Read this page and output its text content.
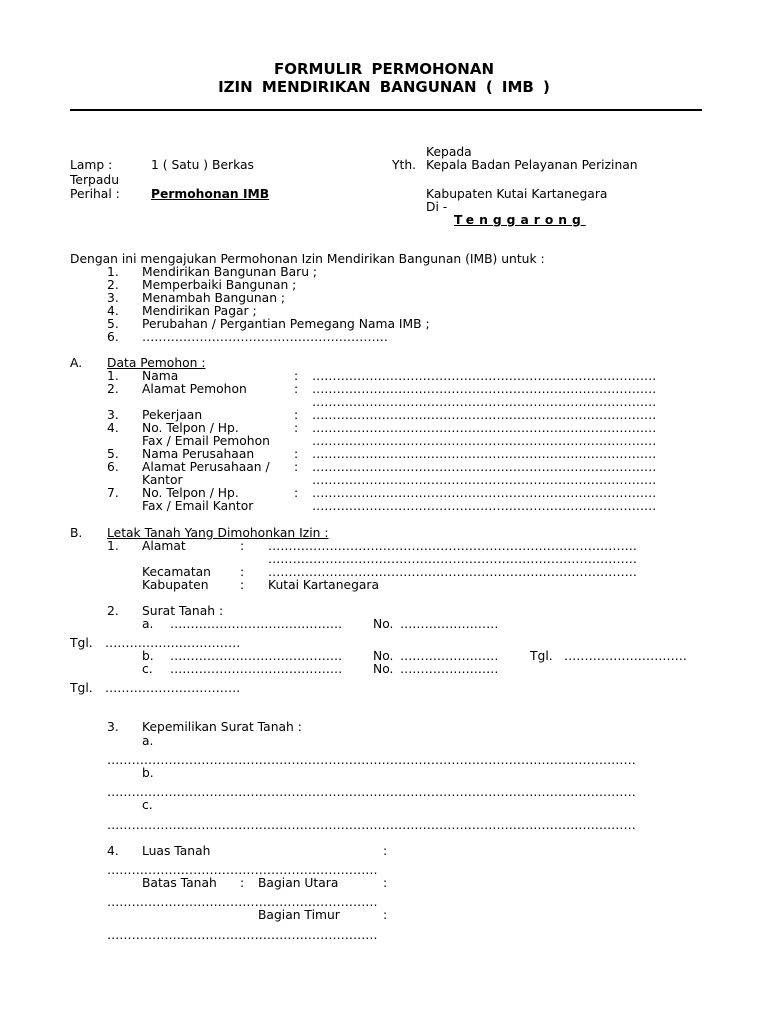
FORMULIR PERMOHONAN
IZIN MENDIRIKAN BANGUNAN ( IMB )
Kepada
Lamp :	1 ( Satu ) Berkas	Yth. Kepala Badan Pelayanan Perizinan
Terpadu
Perihal :	Permohonan IMB	Kabupaten Kutai Kartanegara
Di -
Tenggarong
Dengan ini mengajukan Permohonan Izin Mendirikan Bangunan (IMB) untuk :
1. Mendirikan Bangunan Baru ;
2. Memperbaiki Bangunan ;
3. Menambah Bangunan ;
4. Mendirikan Pagar ;
5. Perubahan / Pergantian Pemegang Nama IMB ;
6. ……………………………………………………
A. Data Pemohon :
1. Nama	: …………………………………………………………………………
2. Alamat Pemohon	: …………………………………………………………………………
…………………………………………………………………………
3. Pekerjaan	: …………………………………………………………………………
4. No. Telpon / Hp.	: …………………………………………………………………………
Fax / Email Pemohon	…………………………………………………………………………
5. Nama Perusahaan	: …………………………………………………………………………
6. Alamat Perusahaan / : …………………………………………………………………………
Kantor	…………………………………………………………………………
7. No. Telpon / Hp.	: …………………………………………………………………………
Fax / Email Kantor	…………………………………………………………………………
B. Letak Tanah Yang Dimohonkan Izin :
1. Alamat	: ………………………………………………………………………………
………………………………………………………………………………
Kecamatan : ………………………………………………………………………………
Kabupaten	: Kutai Kartanegara
2. Surat Tanah :
a. ……………………………………	No. ……………………
Tgl. ……………………………
b. ……………………………………	No. ……………………	Tgl. …………………………
c. ……………………………………	No. ……………………
Tgl. ……………………………
3. Kepemilikan Surat Tanah :
a.
…………………………………………………………………………………………………………………
b.
…………………………………………………………………………………………………………………
c.
…………………………………………………………………………………………………………………
4. Luas Tanah	:
…………………………………………………………
Batas Tanah : Bagian Utara	:
…………………………………………………………
Bagian Timur	:
…………………………………………………………
